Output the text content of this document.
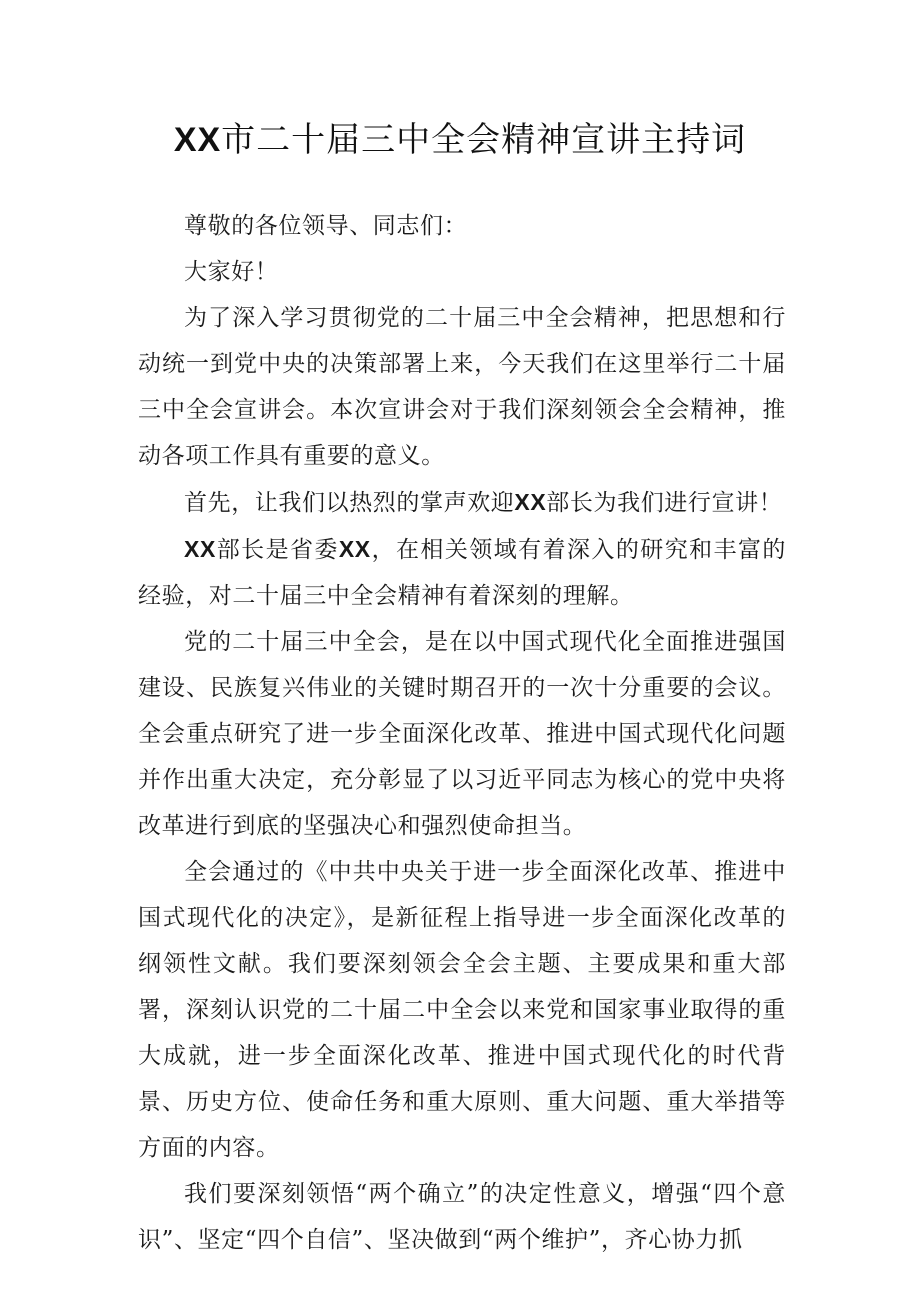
XX市二十届三中全会精神宣讲主持词

尊敬的各位领导、同志们：

大家好！

为了深入学习贯彻党的二十届三中全会精神，把思想和行动统一到党中央的决策部署上来，今天我们在这里举行二十届三中全会宣讲会。本次宣讲会对于我们深刻领会全会精神，推动各项工作具有重要的意义。

首先，让我们以热烈的掌声欢迎XX部长为我们进行宣讲！

XX部长是省委XX，在相关领域有着深入的研究和丰富的经验，对二十届三中全会精神有着深刻的理解。

党的二十届三中全会，是在以中国式现代化全面推进强国建设、民族复兴伟业的关键时期召开的一次十分重要的会议。全会重点研究了进一步全面深化改革、推进中国式现代化问题并作出重大决定，充分彰显了以习近平同志为核心的党中央将改革进行到底的坚强决心和强烈使命担当。

全会通过的《中共中央关于进一步全面深化改革、推进中国式现代化的决定》，是新征程上指导进一步全面深化改革的纲领性文献。我们要深刻领会全会主题、主要成果和重大部署，深刻认识党的二十届二中全会以来党和国家事业取得的重大成就，进一步全面深化改革、推进中国式现代化的时代背景、历史方位、使命任务和重大原则、重大问题、重大举措等方面的内容。

我们要深刻领悟“两个确立”的决定性意义，增强“四个意识”、坚定“四个自信”、坚决做到“两个维护”，齐心协力抓
